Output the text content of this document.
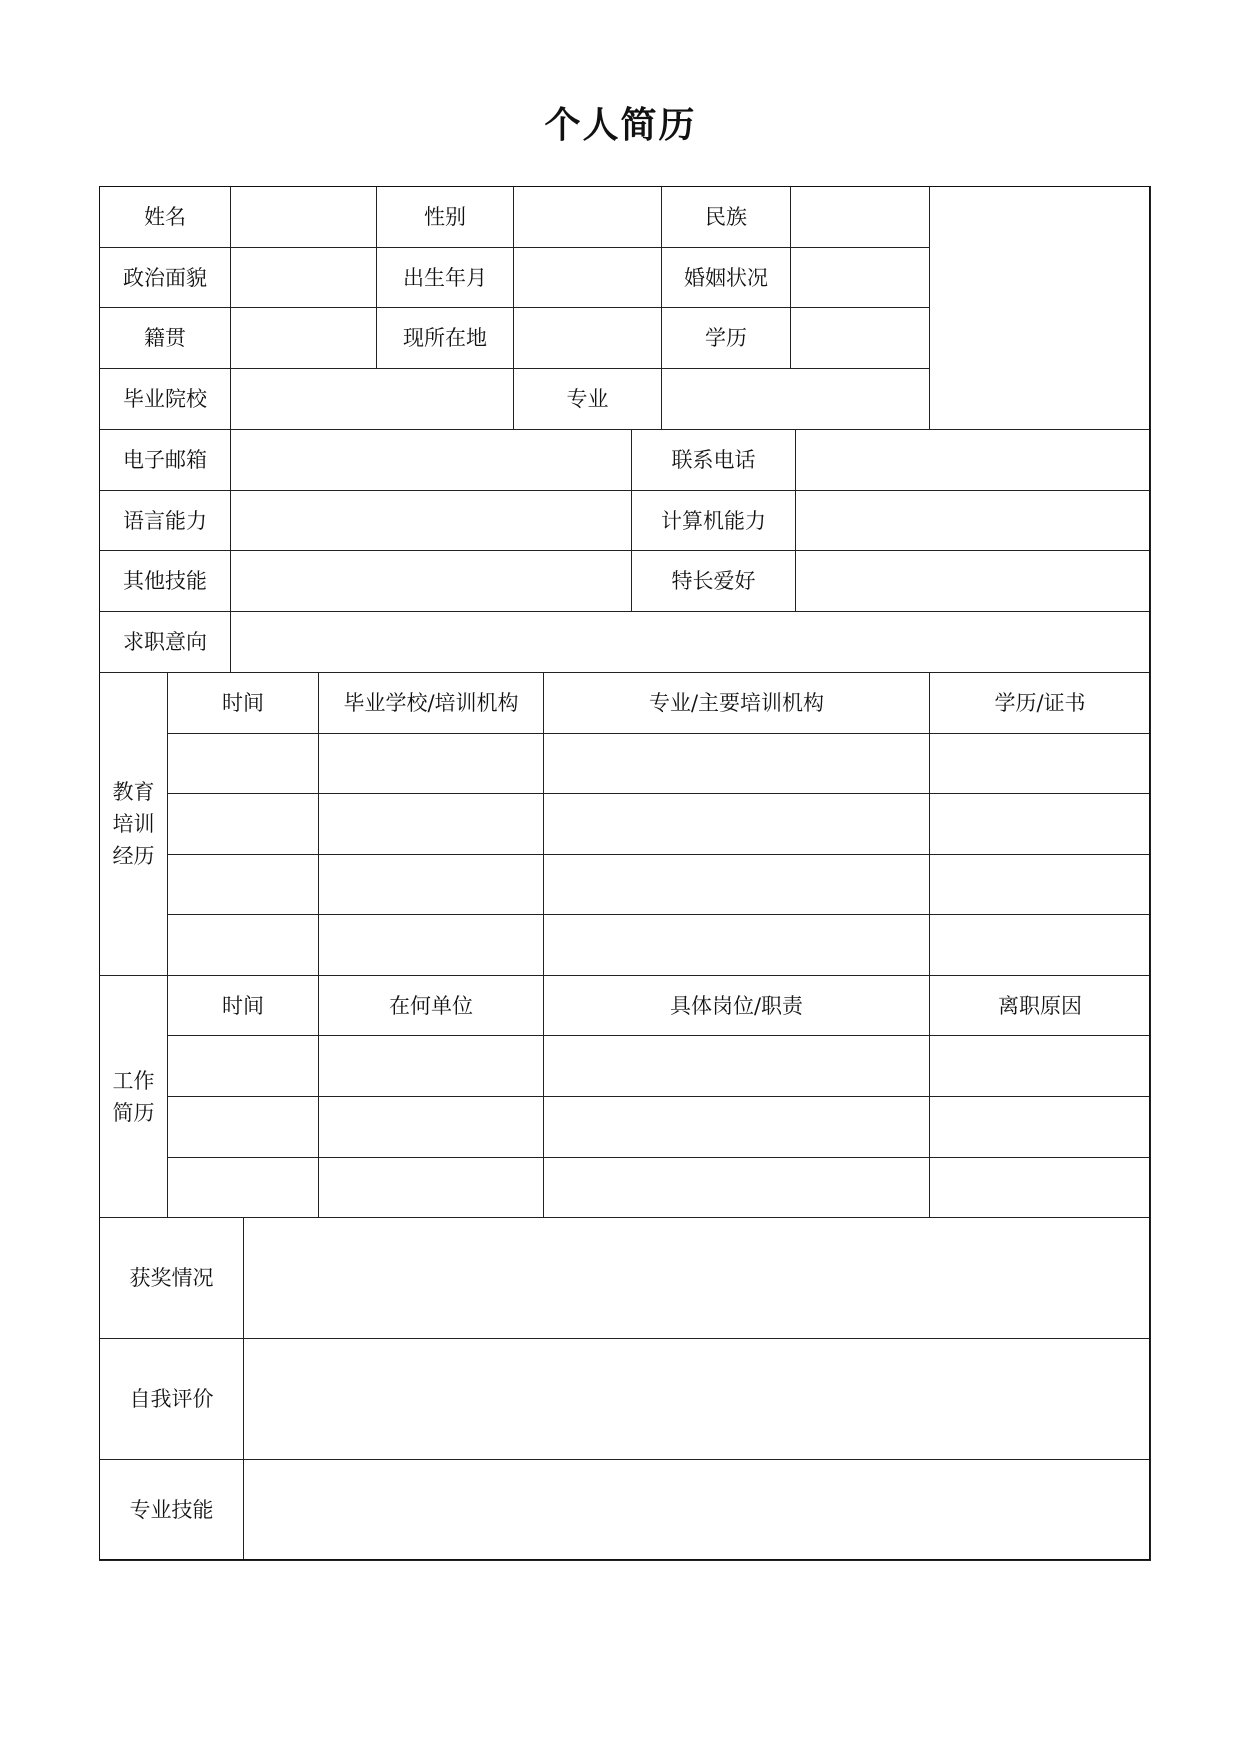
个人简历
姓名	性别	民族
政治面貌	出生年月	婚姻状况
籍贯	现所在地	学历
毕业院校	专业
电子邮箱	联系电话
语言能力	计算机能力
其他技能	特长爱好
求职意向
教育
培训
经历
时间	毕业学校/培训机构	专业/主要培训机构	学历/证书
工作
简历
时间	在何单位	具体岗位/职责	离职原因
获奖情况
自我评价
专业技能
